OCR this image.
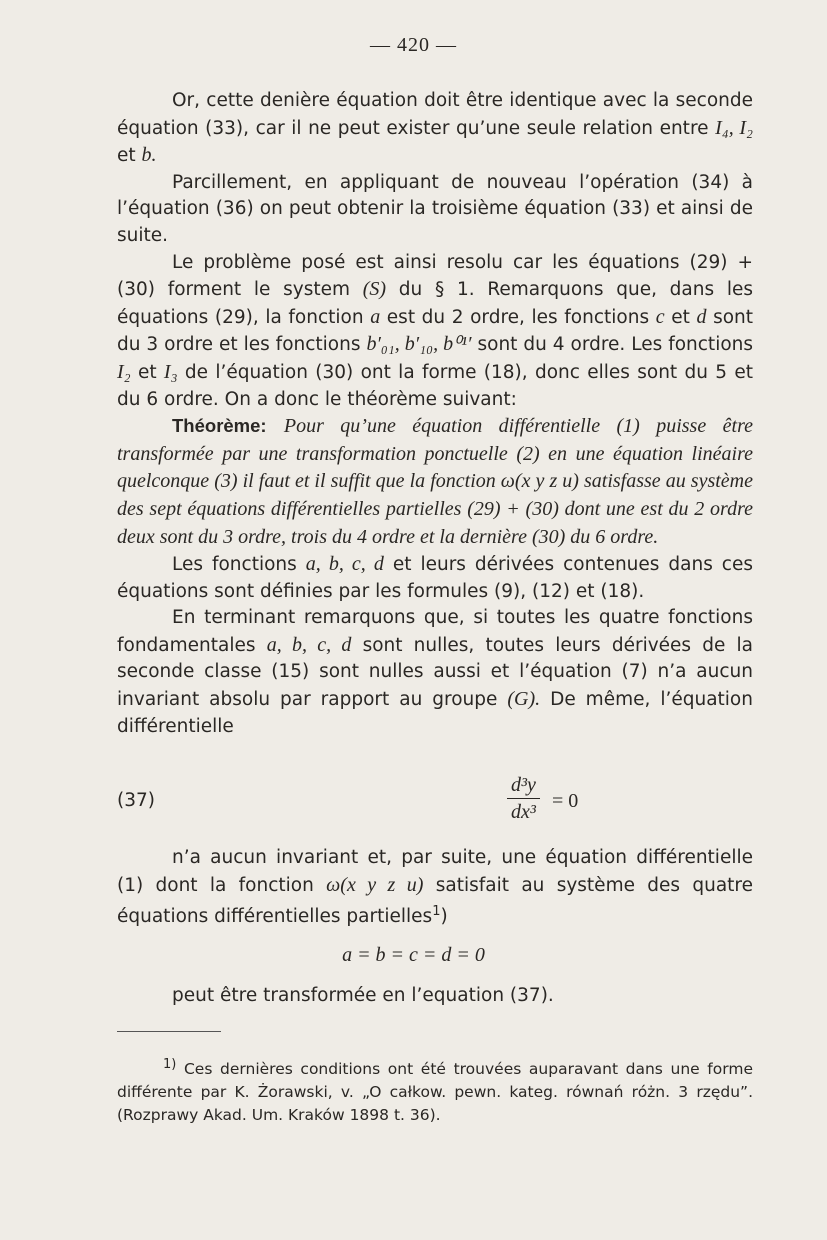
— 420 —

Or, cette denière équation doit être identique avec la seconde équation (33), car il ne peut exister qu’une seule relation entre I₄, I₂ et b.

Parcillement, en appliquant de nouveau l’opération (34) à l’équation (36) on peut obtenir la troisième équation (33) et ainsi de suite.

Le problème posé est ainsi resolu car les équations (29) + (30) forment le system (S) du § 1. Remarquons que, dans les équations (29), la fonction a est du 2 ordre, les fonctions c et d sont du 3 ordre et les fonctions b′₀₁, b′₁₀, b⁰¹′ sont du 4 ordre. Les fonctions I₂ et I₃ de l’équation (30) ont la forme (18), donc elles sont du 5 et du 6 ordre. On a donc le théorème suivant:

Théorème: Pour qu’une équation différentielle (1) puisse être transformée par une transformation ponctuelle (2) en une équation linéaire quelconque (3) il faut et il suffit que la fonction ω(x y z u) satisfasse au système des sept équations différentielles partielles (29) + (30) dont une est du 2 ordre deux sont du 3 ordre, trois du 4 ordre et la dernière (30) du 6 ordre.

Les fonctions a, b, c, d et leurs dérivées contenues dans ces équations sont définies par les formules (9), (12) et (18).

En terminant remarquons que, si toutes les quatre fonctions fondamentales a, b, c, d sont nulles, toutes leurs dérivées de la seconde classe (15) sont nulles aussi et l’équation (7) n’a aucun invariant absolu par rapport au groupe (G). De même, l’équation différentielle

(37)	$\frac{\text{d³y}}{\text{dx³}} = 0$

n’a aucun invariant et, par suite, une équation différentielle (1) dont la fonction ω(x y z u) satisfait au système des quatre équations différentielles partielles$^1$)

a = b = c = d = 0

peut être transformée en l’equation (37).

$^{1)}$ Ces dernières conditions ont été trouvées auparavant dans une forme différente par K. Żorawski, v. „O całkow. pewn. kateg. równań różn. 3 rzędu”. (Rozprawy Akad. Um. Kraków 1898 t. 36).
